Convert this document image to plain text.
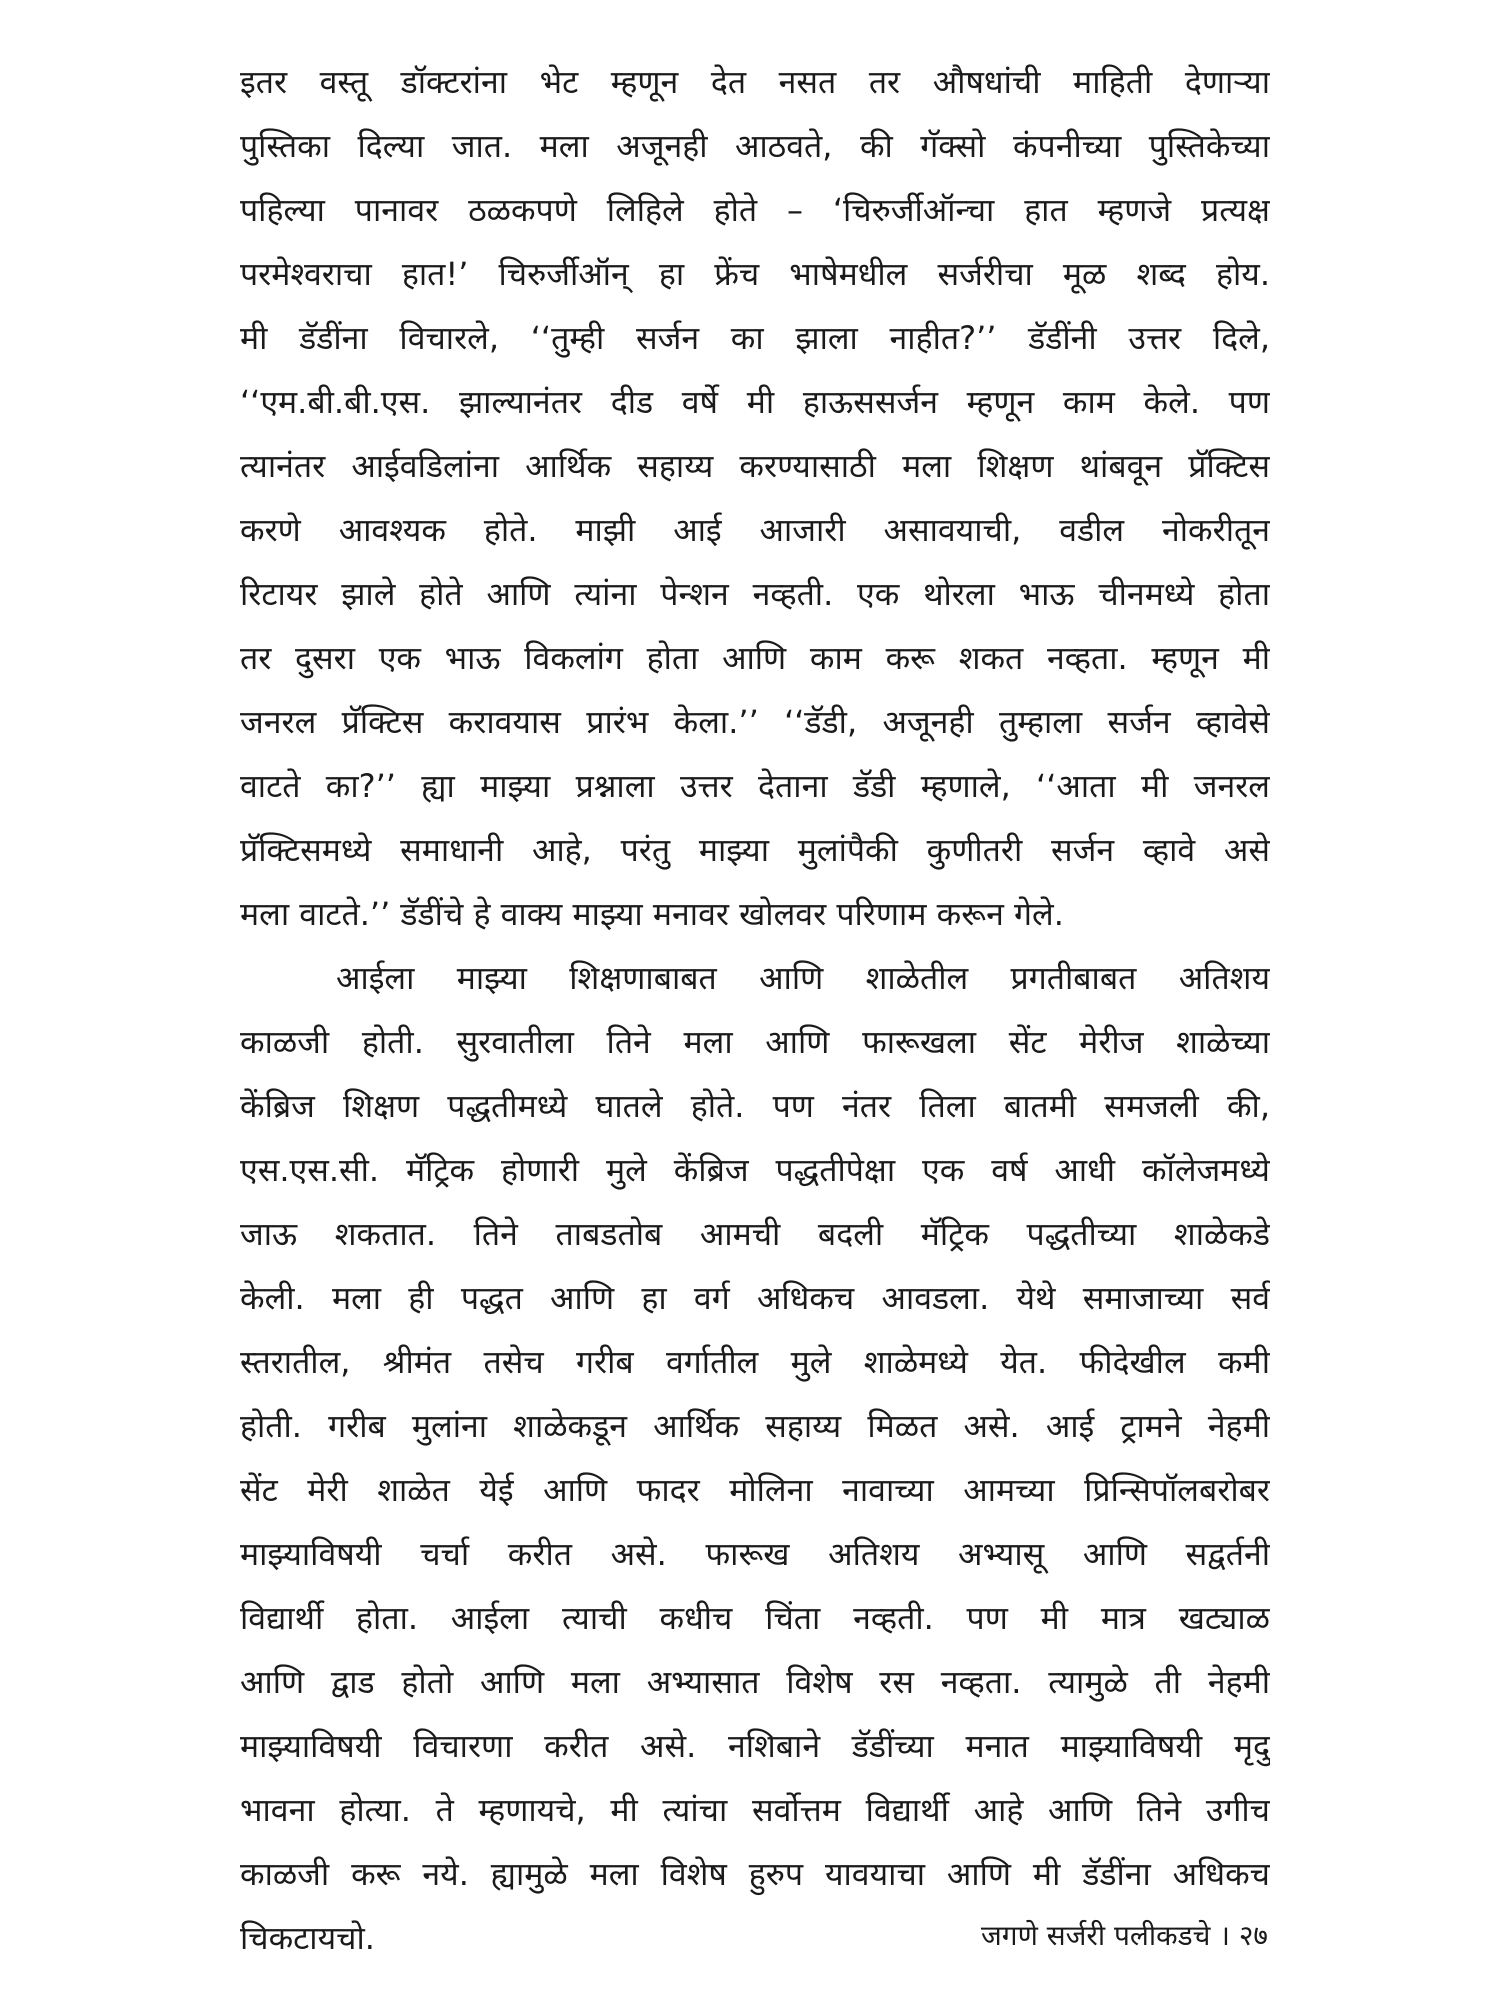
इतर वस्तू डॉक्टरांना भेट म्हणून देत नसत तर औषधांची माहिती देणाऱ्या
पुस्तिका दिल्या जात. मला अजूनही आठवते, की गॅक्सो कंपनीच्या पुस्तिकेच्या
पहिल्या पानावर ठळकपणे लिहिले होते – ‘चिरुर्जीऑन्चा हात म्हणजे प्रत्यक्ष
परमेश्वराचा हात!’ चिरुर्जीऑन् हा फ्रेंच भाषेमधील सर्जरीचा मूळ शब्द होय.
मी डॅडींना विचारले, ‘‘तुम्ही सर्जन का झाला नाहीत?’’ डॅडींनी उत्तर दिले,
‘‘एम.बी.बी.एस. झाल्यानंतर दीड वर्षे मी हाऊससर्जन म्हणून काम केले. पण
त्यानंतर आईवडिलांना आर्थिक सहाय्य करण्यासाठी मला शिक्षण थांबवून प्रॅक्टिस
करणे आवश्यक होते. माझी आई आजारी असावयाची, वडील नोकरीतून
रिटायर झाले होते आणि त्यांना पेन्शन नव्हती. एक थोरला भाऊ चीनमध्ये होता
तर दुसरा एक भाऊ विकलांग होता आणि काम करू शकत नव्हता. म्हणून मी
जनरल प्रॅक्टिस करावयास प्रारंभ केला.’’ ‘‘डॅडी, अजूनही तुम्हाला सर्जन व्हावेसे
वाटते का?’’ ह्या माझ्या प्रश्नाला उत्तर देताना डॅडी म्हणाले, ‘‘आता मी जनरल
प्रॅक्टिसमध्ये समाधानी आहे, परंतु माझ्या मुलांपैकी कुणीतरी सर्जन व्हावे असे
मला वाटते.’’ डॅडींचे हे वाक्य माझ्या मनावर खोलवर परिणाम करून गेले.
आईला माझ्या शिक्षणाबाबत आणि शाळेतील प्रगतीबाबत अतिशय
काळजी होती. सुरवातीला तिने मला आणि फारूखला सेंट मेरीज शाळेच्या
केंब्रिज शिक्षण पद्धतीमध्ये घातले होते. पण नंतर तिला बातमी समजली की,
एस.एस.सी. मॅट्रिक होणारी मुले केंब्रिज पद्धतीपेक्षा एक वर्ष आधी कॉलेजमध्ये
जाऊ शकतात. तिने ताबडतोब आमची बदली मॅट्रिक पद्धतीच्या शाळेकडे
केली. मला ही पद्धत आणि हा वर्ग अधिकच आवडला. येथे समाजाच्या सर्व
स्तरातील, श्रीमंत तसेच गरीब वर्गातील मुले शाळेमध्ये येत. फीदेखील कमी
होती. गरीब मुलांना शाळेकडून आर्थिक सहाय्य मिळत असे. आई ट्रामने नेहमी
सेंट मेरी शाळेत येई आणि फादर मोलिना नावाच्या आमच्या प्रिन्सिपॉलबरोबर
माझ्याविषयी चर्चा करीत असे. फारूख अतिशय अभ्यासू आणि सद्वर्तनी
विद्यार्थी होता. आईला त्याची कधीच चिंता नव्हती. पण मी मात्र खट्याळ
आणि द्वाड होतो आणि मला अभ्यासात विशेष रस नव्हता. त्यामुळे ती नेहमी
माझ्याविषयी विचारणा करीत असे. नशिबाने डॅडींच्या मनात माझ्याविषयी मृदु
भावना होत्या. ते म्हणायचे, मी त्यांचा सर्वोत्तम विद्यार्थी आहे आणि तिने उगीच
काळजी करू नये. ह्यामुळे मला विशेष हुरुप यावयाचा आणि मी डॅडींना अधिकच
चिकटायचो.	जगणे सर्जरी पलीकडचे । २७
